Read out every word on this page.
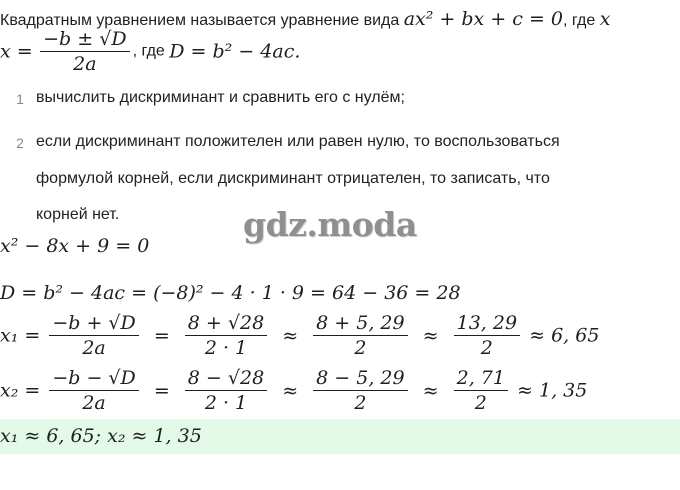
Квадратным уравнением называется уравнение вида ax² + bx + c = 0, где x
$x = \frac{-b \pm √D}{2a}$ , где D = b² − 4ac.
1 вычислить дискриминант и сравнить его с нулём;
2 если дискриминант положителен или равен нулю, то воспользоваться
формулой корней, если дискриминант отрицателен, то записать, что
корней нет.	gdz.moda
x² − 8x + 9 = 0
D = b² − 4ac = (−8)² − 4 · 1 · 9 = 64 − 36 = 28
$x_1 = \frac{-b + √D}{2a} = \frac{8 + √28}{2 \cdot 1} \approx \frac{8 + 5, 29}{2} \approx \frac{13, 29}{2} \approx 6$, 65
$x_2 = \frac{-b - √D}{2a} = \frac{8 - √28}{2 \cdot 1} \approx \frac{8 - 5, 29}{2} \approx \frac{2, 71}{2} \approx 1$, 35
x₁ ≈ 6, 65; x₂ ≈ 1, 35
